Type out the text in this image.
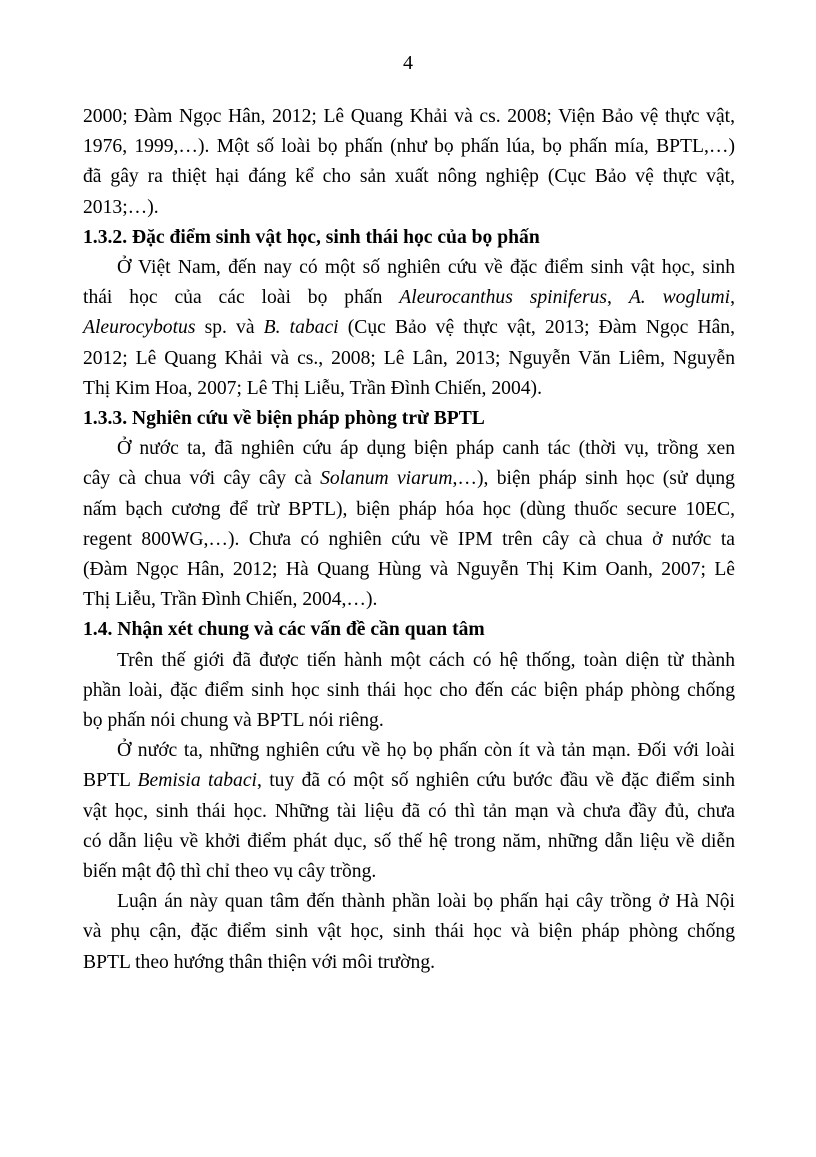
4
2000; Đàm Ngọc Hân, 2012; Lê Quang Khải và cs. 2008; Viện Bảo vệ thực vật,
1976, 1999,…). Một số loài bọ phấn (như bọ phấn lúa, bọ phấn mía, BPTL,…)
đã gây ra thiệt hại đáng kể cho sản xuất nông nghiệp (Cục Bảo vệ thực vật,
2013;…).
1.3.2. Đặc điểm sinh vật học, sinh thái học của bọ phấn
Ở Việt Nam, đến nay có một số nghiên cứu về đặc điểm sinh vật học, sinh
thái học của các loài bọ phấn Aleurocanthus spiniferus, A. woglumi,
Aleurocybotus sp. và B. tabaci (Cục Bảo vệ thực vật, 2013; Đàm Ngọc Hân,
2012; Lê Quang Khải và cs., 2008; Lê Lân, 2013; Nguyễn Văn Liêm, Nguyễn
Thị Kim Hoa, 2007; Lê Thị Liễu, Trần Đình Chiến, 2004).
1.3.3. Nghiên cứu về biện pháp phòng trừ BPTL
Ở nước ta, đã nghiên cứu áp dụng biện pháp canh tác (thời vụ, trồng xen
cây cà chua với cây cây cà Solanum viarum,…), biện pháp sinh học (sử dụng
nấm bạch cương để trừ BPTL), biện pháp hóa học (dùng thuốc secure 10EC,
regent 800WG,…). Chưa có nghiên cứu về IPM trên cây cà chua ở nước ta
(Đàm Ngọc Hân, 2012; Hà Quang Hùng và Nguyễn Thị Kim Oanh, 2007; Lê
Thị Liễu, Trần Đình Chiến, 2004,…).
1.4. Nhận xét chung và các vấn đề cần quan tâm
Trên thế giới đã được tiến hành một cách có hệ thống, toàn diện từ thành
phần loài, đặc điểm sinh học sinh thái học cho đến các biện pháp phòng chống
bọ phấn nói chung và BPTL nói riêng.
Ở nước ta, những nghiên cứu về họ bọ phấn còn ít và tản mạn. Đối với loài
BPTL Bemisia tabaci, tuy đã có một số nghiên cứu bước đầu về đặc điểm sinh
vật học, sinh thái học. Những tài liệu đã có thì tản mạn và chưa đầy đủ, chưa
có dẫn liệu về khởi điểm phát dục, số thế hệ trong năm, những dẫn liệu về diễn
biến mật độ thì chỉ theo vụ cây trồng.
Luận án này quan tâm đến thành phần loài bọ phấn hại cây trồng ở Hà Nội
và phụ cận, đặc điểm sinh vật học, sinh thái học và biện pháp phòng chống
BPTL theo hướng thân thiện với môi trường.
